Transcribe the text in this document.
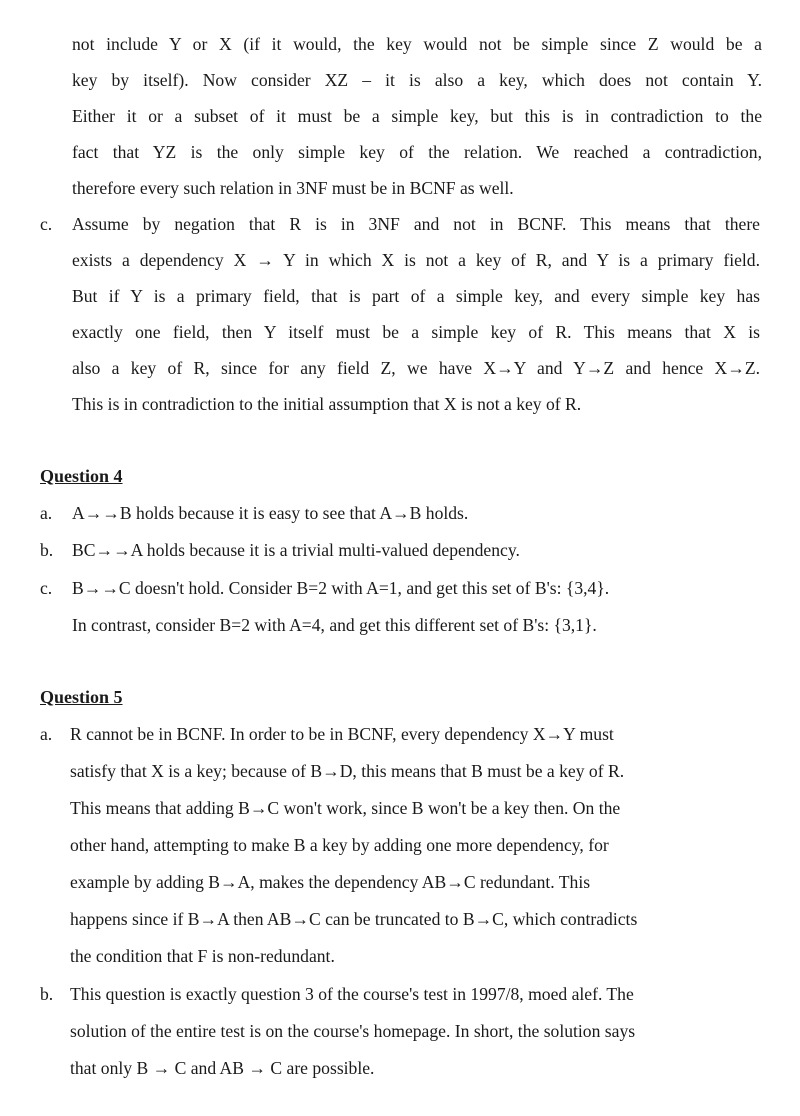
not include Y or X (if it would, the key would not be simple since Z would be a
key by itself). Now consider XZ – it is also a key, which does not contain Y.
Either it or a subset of it must be a simple key, but this is in contradiction to the
fact that YZ is the only simple key of the relation. We reached a contradiction,
therefore every such relation in 3NF must be in BCNF as well.
c. Assume by negation that R is in 3NF and not in BCNF. This means that there
exists a dependency X → Y in which X is not a key of R, and Y is a primary field.
But if Y is a primary field, that is part of a simple key, and every simple key has
exactly one field, then Y itself must be a simple key of R. This means that X is
also a key of R, since for any field Z, we have X→Y and Y→Z and hence X→Z.
This is in contradiction to the initial assumption that X is not a key of R.
Question 4
a. A→→B holds because it is easy to see that A→B holds.
b. BC→→A holds because it is a trivial multi-valued dependency.
c. B→→C doesn't hold. Consider B=2 with A=1, and get this set of B's: {3,4}.
In contrast, consider B=2 with A=4, and get this different set of B's: {3,1}.
Question 5
a. R cannot be in BCNF. In order to be in BCNF, every dependency X→Y must
satisfy that X is a key; because of B→D, this means that B must be a key of R.
This means that adding B→C won't work, since B won't be a key then. On the
other hand, attempting to make B a key by adding one more dependency, for
example by adding B→A, makes the dependency AB→C redundant. This
happens since if B→A then AB→C can be truncated to B→C, which contradicts
the condition that F is non-redundant.
b. This question is exactly question 3 of the course's test in 1997/8, moed alef. The
solution of the entire test is on the course's homepage. In short, the solution says
that only B → C and AB → C are possible.
